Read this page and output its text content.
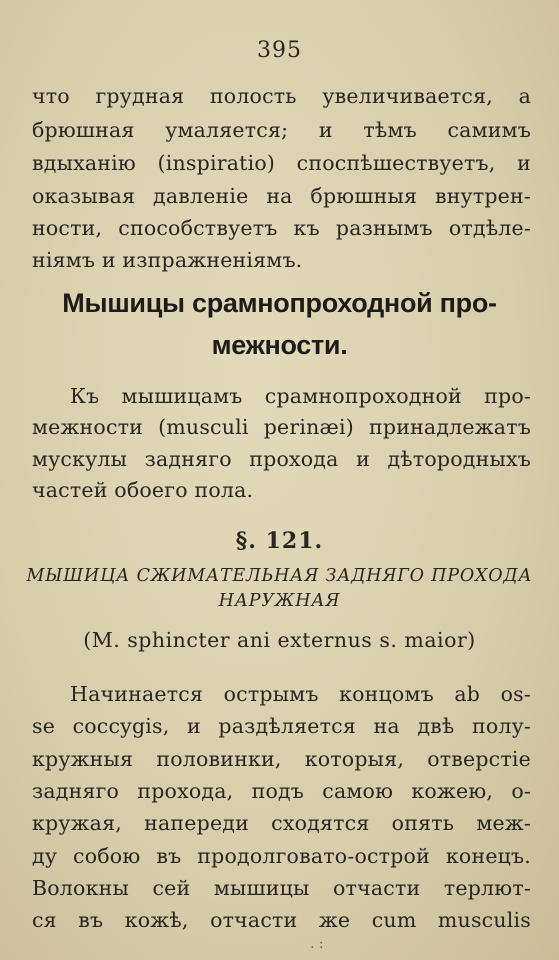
395
что грудная полость увеличивается, а
брюшная умаляется; и тѣмъ самимъ
вдыханію (inspiratio) споспѣшествуетъ, и
оказывая давленіе на брюшныя внутрен-
ности, способствуетъ къ разнымъ отдѣле-
ніямъ и изпражненіямъ.
Мышицы срамнопроходной про-
межности.
Къ мышицамъ срамнопроходной про-
межности (musculi perinæi) принадлежатъ
мускулы задняго прохода и дѣтородныхъ
частей обоего пола.
§. 121.
МЫШИЦА СЖИМАТЕЛЬНАЯ ЗАДНЯГО ПРОХОДА
НАРУЖНАЯ
(M. sphincter ani externus s. maior)
Начинается острымъ концомъ ab os-
se coccygis, и раздѣляется на двѣ полу-
кружныя половинки, которыя, отверстіе
задняго прохода, подъ самою кожею, о-
кружая, напереди сходятся опять меж-
ду собою въ продолговато-острой конецъ.
Волокны сей мышицы отчасти терлют-
ся въ кожѣ, отчасти же cum musculis
. :
